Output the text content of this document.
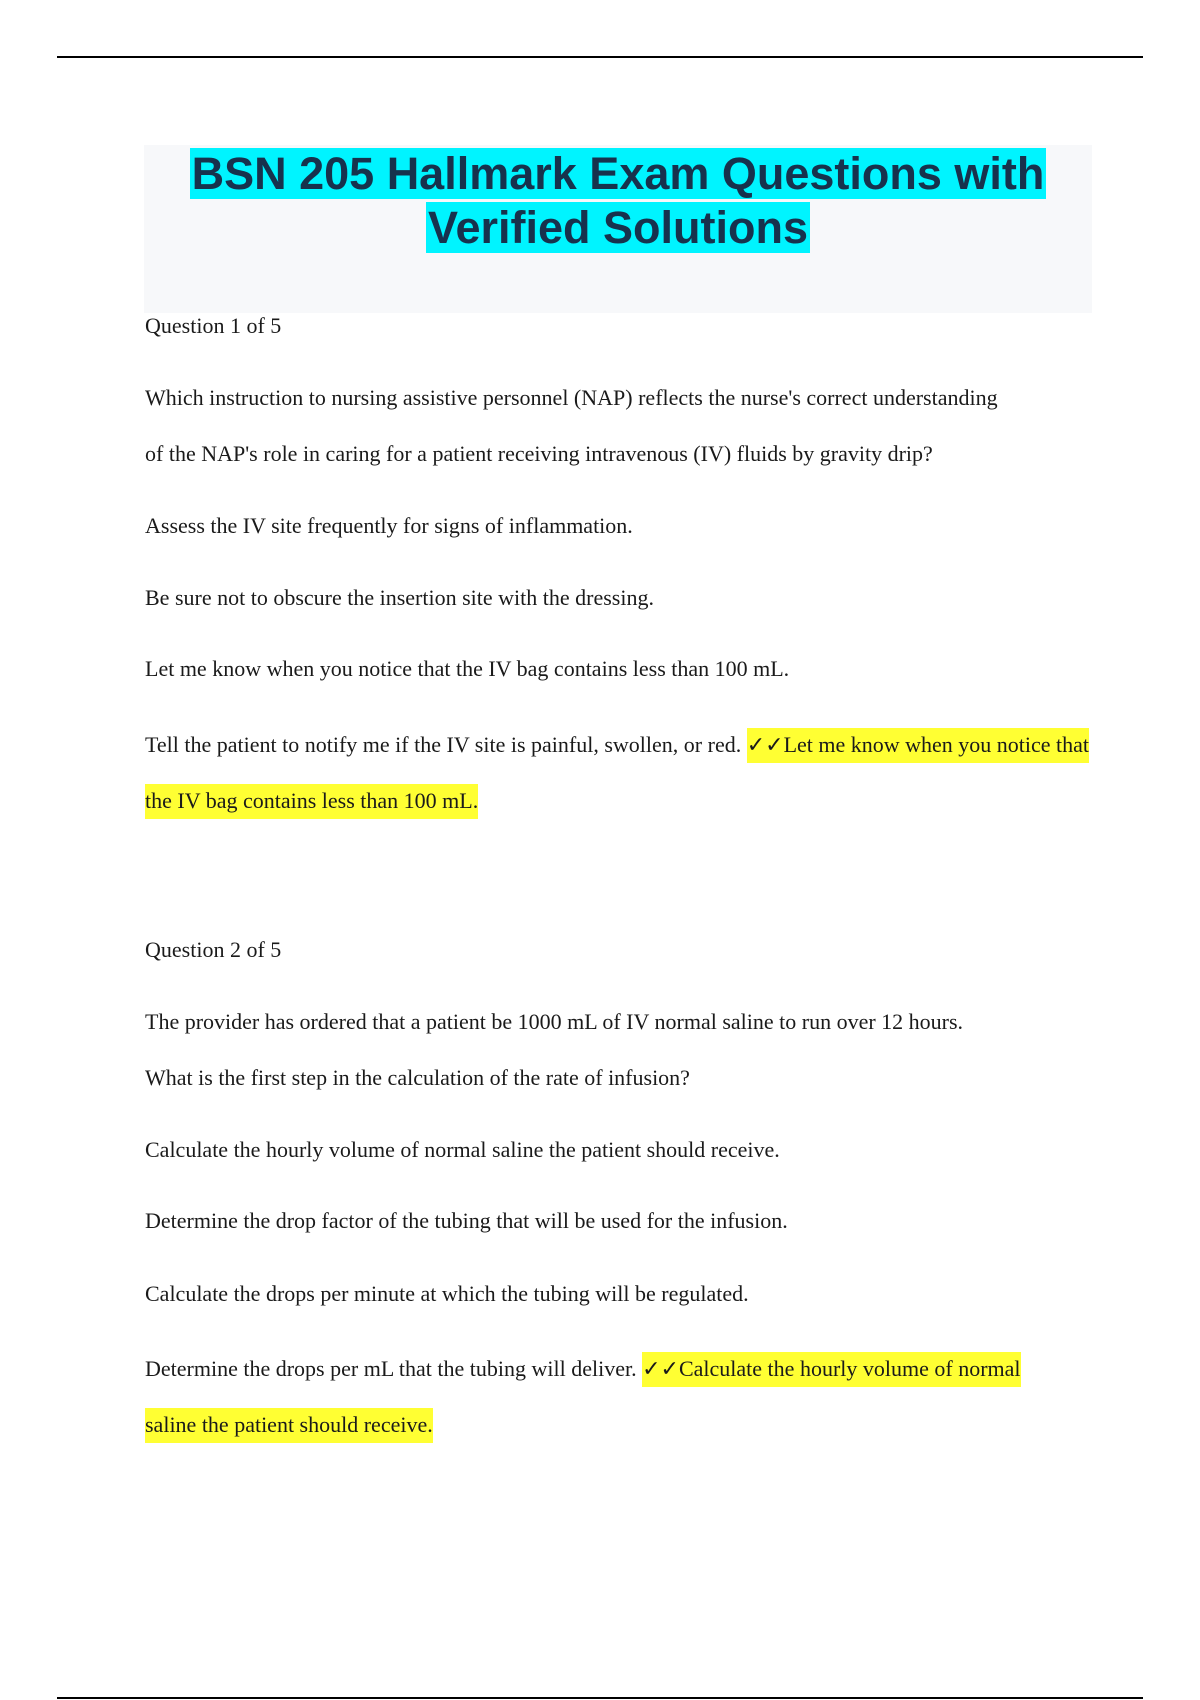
BSN 205 Hallmark Exam Questions with Verified Solutions
Question 1 of 5
Which instruction to nursing assistive personnel (NAP) reflects the nurse's correct understanding
of the NAP's role in caring for a patient receiving intravenous (IV) fluids by gravity drip?
Assess the IV site frequently for signs of inflammation.
Be sure not to obscure the insertion site with the dressing.
Let me know when you notice that the IV bag contains less than 100 mL.
Tell the patient to notify me if the IV site is painful, swollen, or red. ✓✓Let me know when you notice that the IV bag contains less than 100 mL.
Question 2 of 5
The provider has ordered that a patient be 1000 mL of IV normal saline to run over 12 hours.
What is the first step in the calculation of the rate of infusion?
Calculate the hourly volume of normal saline the patient should receive.
Determine the drop factor of the tubing that will be used for the infusion.
Calculate the drops per minute at which the tubing will be regulated.
Determine the drops per mL that the tubing will deliver. ✓✓Calculate the hourly volume of normal saline the patient should receive.
